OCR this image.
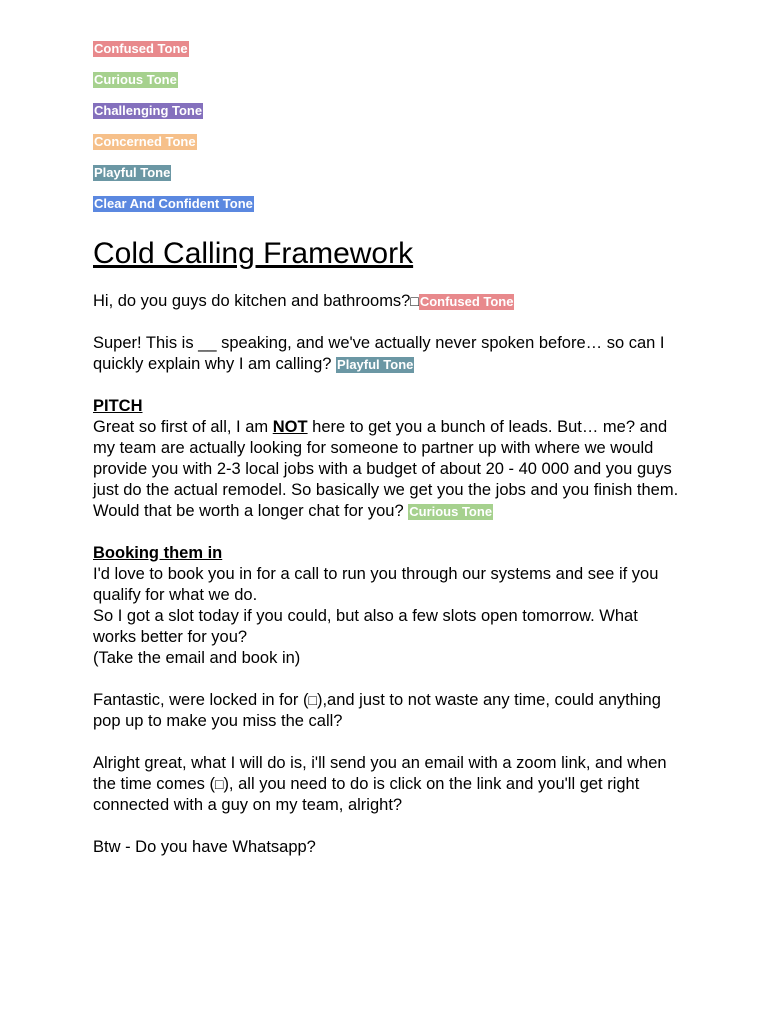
Confused Tone
Curious Tone
Challenging Tone
Concerned Tone
Playful Tone
Clear And Confident Tone
Cold Calling Framework

Hi, do you guys do kitchen and bathrooms?□Confused Tone

Super! This is __ speaking, and we've actually never spoken before… so can I quickly explain why I am calling? Playful Tone

PITCH

Great so first of all, I am NOT here to get you a bunch of leads. But… me? and my team are actually looking for someone to partner up with where we would provide you with 2-3 local jobs with a budget of about 20 - 40 000 and you guys just do the actual remodel. So basically we get you the jobs and you finish them.

Would that be worth a longer chat for you? Curious Tone

Booking them in

I'd love to book you in for a call to run you through our systems and see if you qualify for what we do.

So I got a slot today if you could, but also a few slots open tomorrow. What works better for you?

(Take the email and book in)

Fantastic, were locked in for (□),and just to not waste any time, could anything pop up to make you miss the call?

Alright great, what I will do is, i'll send you an email with a zoom link, and when the time comes (□), all you need to do is click on the link and you'll get right connected with a guy on my team, alright?

Btw - Do you have Whatsapp?
